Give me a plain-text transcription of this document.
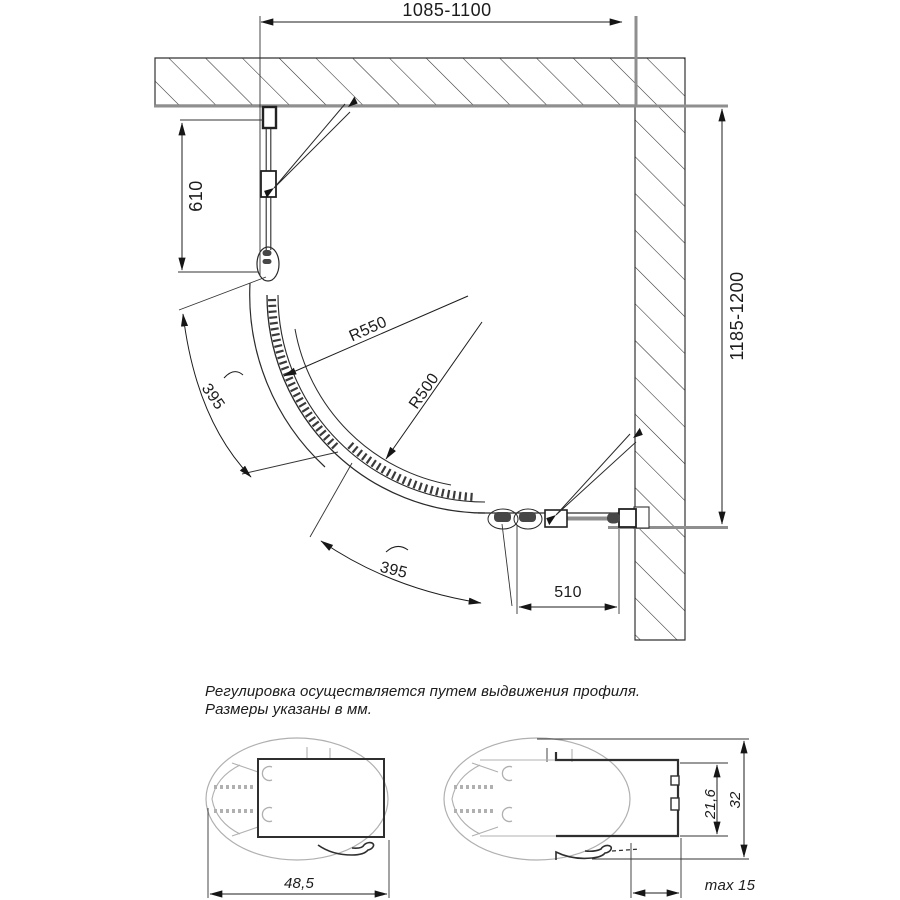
1085-1100
1185-1200
610
510
R550
R500
395
395
Регулировка осуществляется путем выдвижения профиля.
Размеры указаны в мм.
48,5
21,6 32
max 15
